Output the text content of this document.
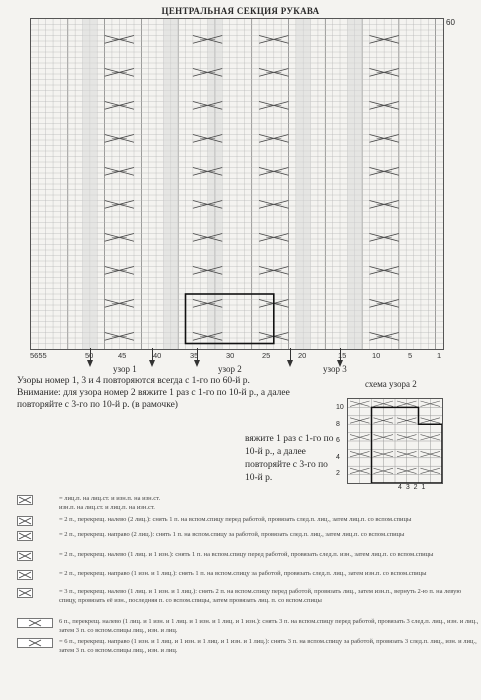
ЦЕНТРАЛЬНАЯ СЕКЦИЯ РУКАВА
60
5655	50	45	40	35	30	25	20	15	10	5	1
узор 1	узор 2	узор 3
Узоры номер 1, 3 и 4 повторяются всегда с 1-го по 60-й р.
Внимание: для узора номер 2 вяжите 1 раз с 1-го по 10-й р., а далее повторяйте с 3-го по 10-й р. (в рамочке)
схема узора 2
10
8
6
4
2
4 3 2 1
вяжите 1 раз с 1-го по 10-й р., а далее повторяйте с 3-го по 10-й р.
= лиц.п. на лиц.ст. и изн.п. на изн.ст.
изн.п. на лиц.ст. и лиц.п. на изн.ст.
= 2 п., перекрещ. налево (2 лиц.): снять 1 п. на вспом.спицу перед работой, провязать след.п. лиц., затем лиц.п. со вспом.спицы
= 2 п., перекрещ. направо (2 лиц.): снять 1 п. на вспом.спицу за работой, провязать след.п. лиц., затем лиц.п. со вспом.спицы
= 2 п., перекрещ. налево (1 лиц. и 1 изн.): снять 1 п. на вспом.спицу перед работой, провязать след.п. изн., затем лиц.п. со вспом.спицы
= 2 п., перекрещ. направо (1 изн. и 1 лиц.): снять 1 п. на вспом.спицу за работой, провязать след.п. лиц., затем изн.п. со вспом.спицы
= 3 п., перекрещ. налево (1 лиц. и 1 изн. и 1 лиц.): снять 2 п. на вспом.спицу перед работой, провязать лиц., затем изн.п., вернуть 2-ю п. на левую спицу, провязать её изн., последняя п. со вспом.спицы, затем провязать лиц. п. со вспом.спицы
6 п., перекрещ. налево (1 лиц. и 1 изн. и 1 лиц. и 1 изн. и 1 лиц. и 1 изн.): снять 3 п. на вспом.спицу перед работой, провязать 3 след.п. лиц., изн. и лиц., затем 3 п. со вспом.спицы лиц., изн. и лиц.
= 6 п., перекрещ. направо (1 изн. и 1 лиц. и 1 изн. и 1 лиц. и 1 изн. и 1 лиц.): снять 3 п. на вспом.спицу за работой, провязать 3 след.п. лиц., изн. и лиц., затем 3 п. со вспом.спицы лиц., изн. и лиц.
